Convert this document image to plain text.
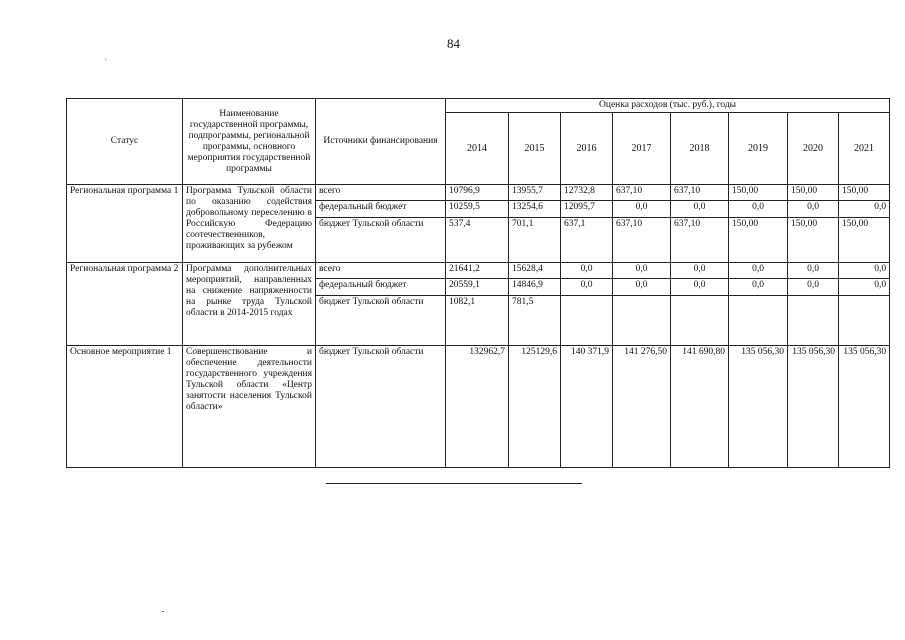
84
Статус	Наименование государственной программы, подпрограммы, региональной программы, основного мероприятия государственной программы	Источники финансирования	Оценка расходов (тыс. руб.), годы							
			2014	2015	2016	2017	2018	2019	2020	2021
Региональная программа 1	Программа Тульской области по оказанию содействия добровольному переселению в Российскую Федерацию соотечественников, проживающих за рубежом	всего	10796,9	13955,7	12732,8	637,10	637,10	150,00	150,00	150,00
		федеральный бюджет	10259,5	13254,6	12095,7	0,0	0,0	0,0	0,0	0,0
		бюджет Тульской области	537,4	701,1	637,1	637,10	637,10	150,00	150,00	150,00
Региональная программа 2	Программа дополнительных мероприятий, направленных на снижение напряженности на рынке труда Тульской области в 2014-2015 годах	всего	21641,2	15628,4	0,0	0,0	0,0	0,0	0,0	0,0
		федеральный бюджет	20559,1	14846,9	0,0	0,0	0,0	0,0	0,0	0,0
		бюджет Тульской области	1082,1	781,5						
Основное мероприятие 1	Совершенствование и обеспечение деятельности государственного учреждения Тульской области «Центр занятости населения Тульской области»	бюджет Тульской области	132962,7	125129,6	140 371,9	141 276,50	141 690,80	135 056,30	135 056,30	135 056,30
